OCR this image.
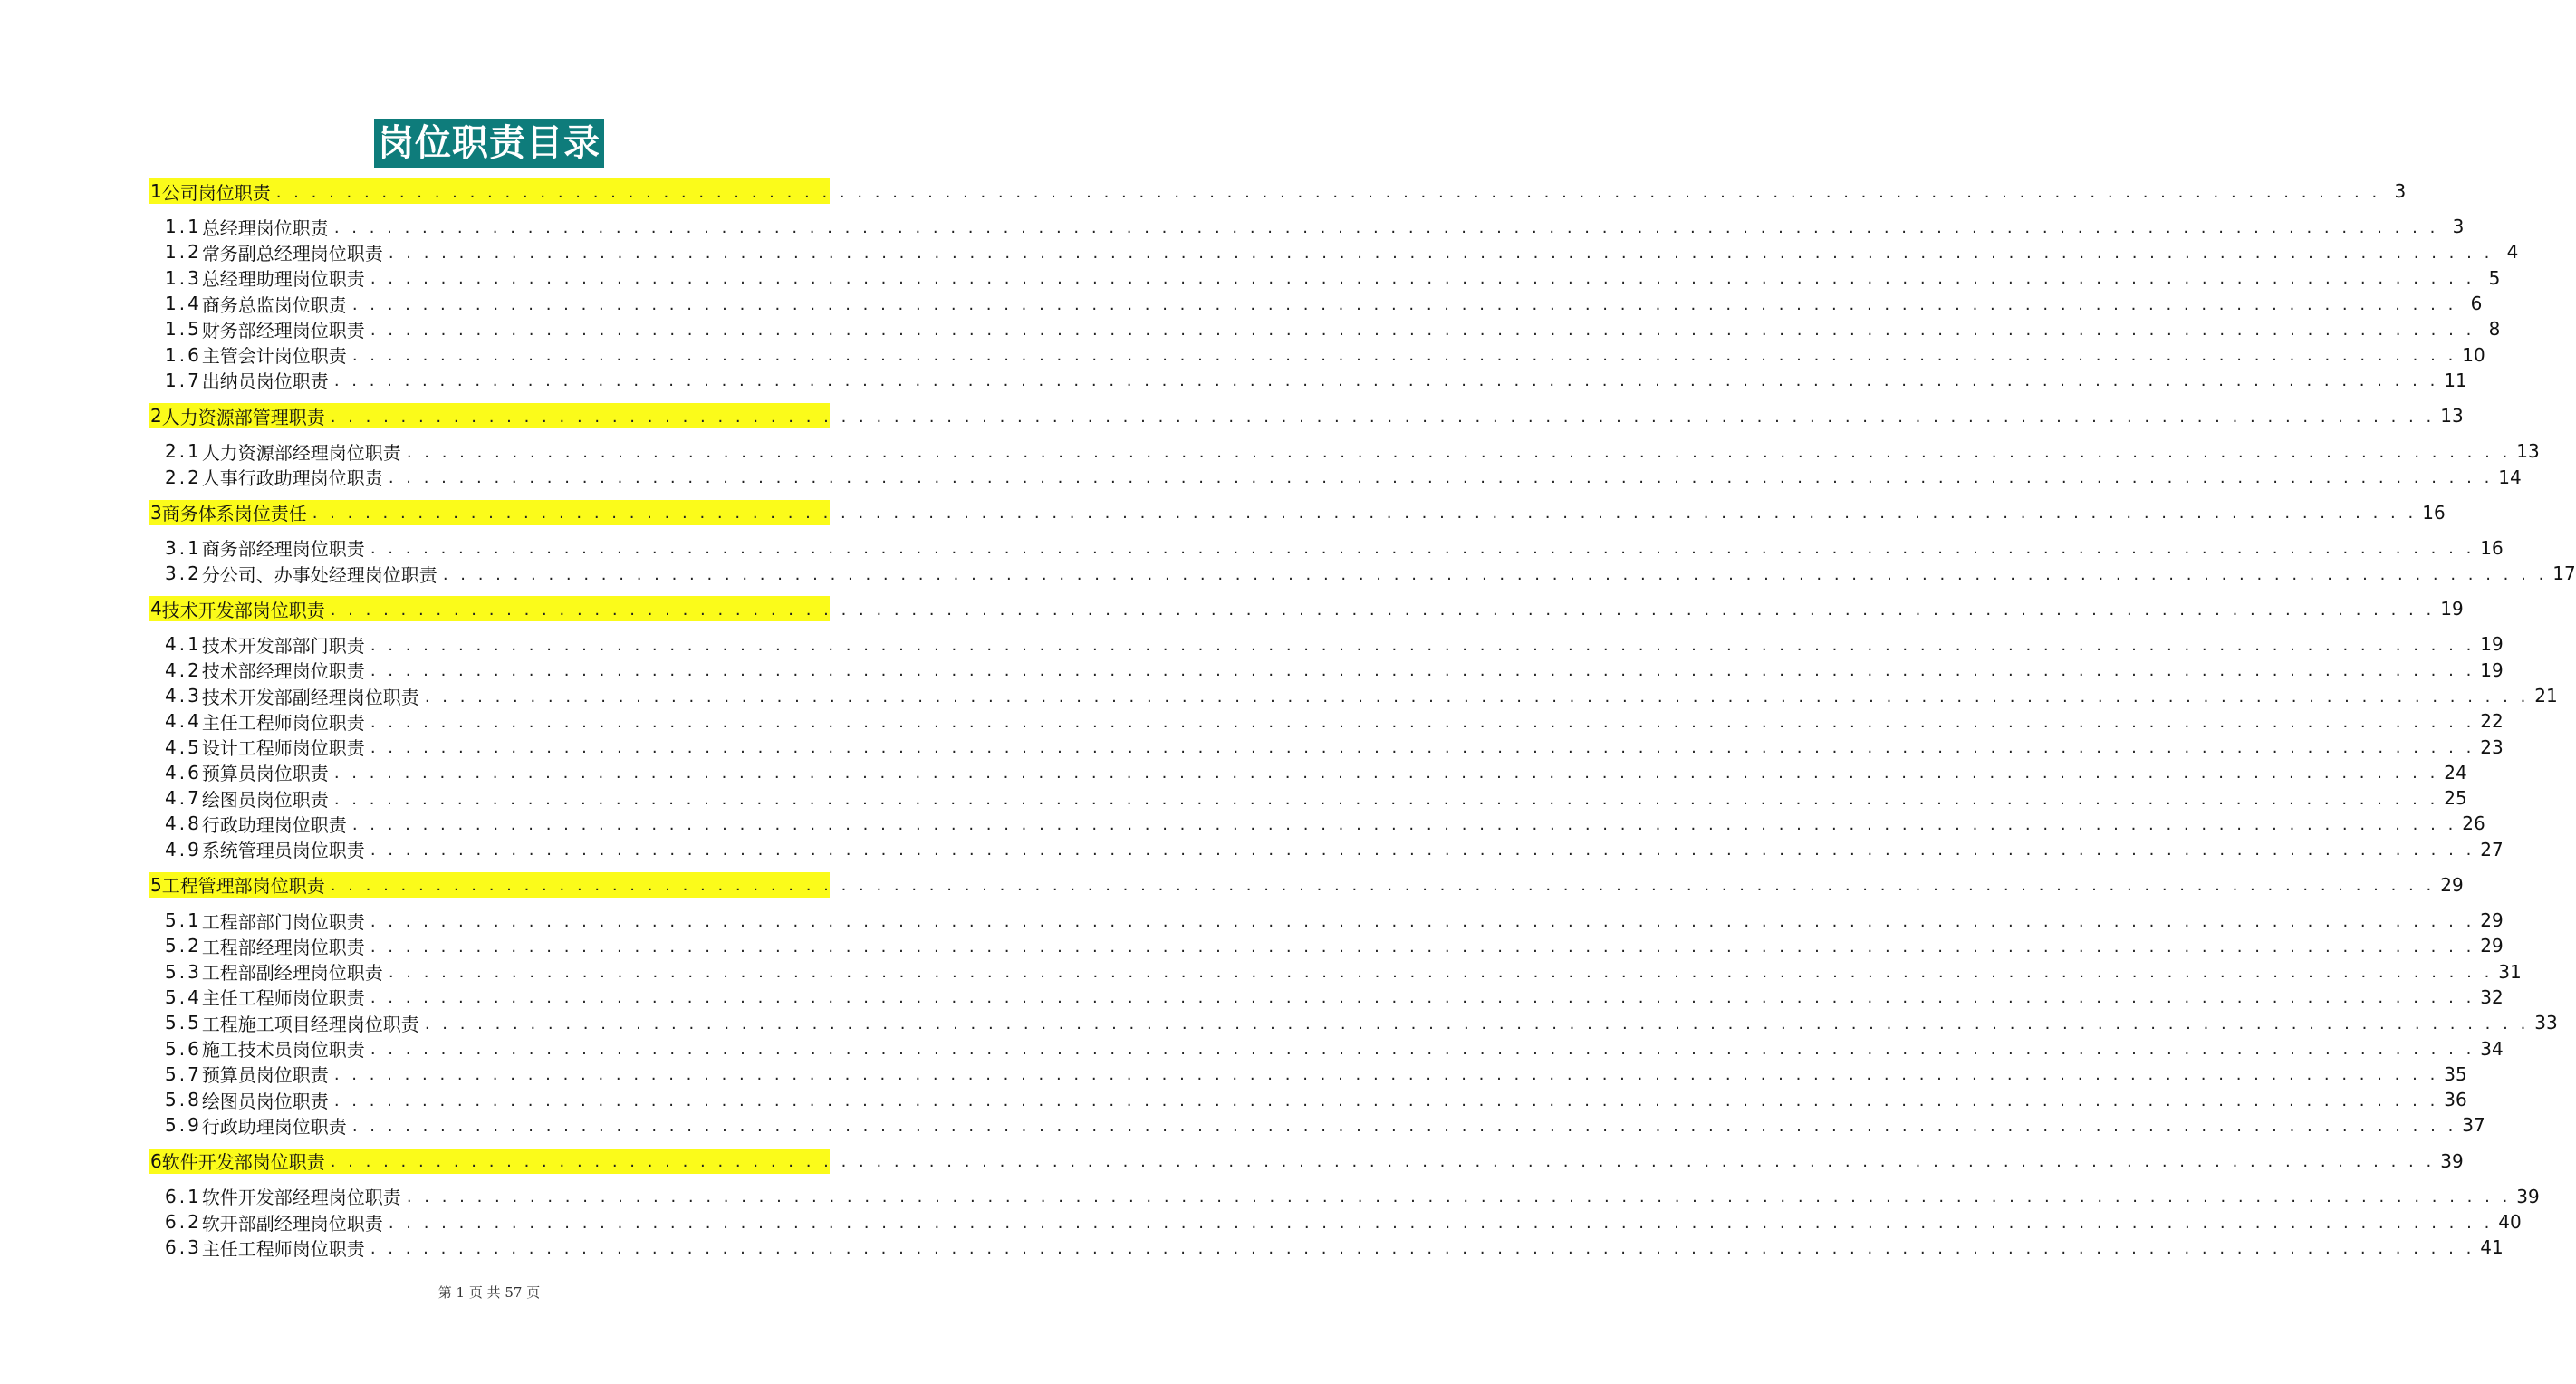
岗位职责目录
1 公司岗位职责 . . . . . . . . . . . . . . . . . . . . . . . . . . . . . . . . . . . . . . . . . . . . . . . . . . . . . . . . . . . . . . . . . . . . . . . . . . . . . . . . . . . . . . . . . . . . . . . . . . . . . . . . . . . . . . . . . . . . . . . . 3
1.1 总经理岗位职责 . . . . . . . . . . . . . . . . . . . . . . . . . . . . . . . . . . . . . . . . . . . . . . . . . . . . . . . . . . . . . . . . . . . . . . . . . . . . . . . . . . . . . . . . . . . . . . . . . . . . . . . . . . . . . . . . . . . . . . . . 3
1.2 常务副总经理岗位职责 . . . . . . . . . . . . . . . . . . . . . . . . . . . . . . . . . . . . . . . . . . . . . . . . . . . . . . . . . . . . . . . . . . . . . . . . . . . . . . . . . . . . . . . . . . . . . . . . . . . . . . . . . . . . . . . . . . . . . . . . 4
1.3 总经理助理岗位职责 . . . . . . . . . . . . . . . . . . . . . . . . . . . . . . . . . . . . . . . . . . . . . . . . . . . . . . . . . . . . . . . . . . . . . . . . . . . . . . . . . . . . . . . . . . . . . . . . . . . . . . . . . . . . . . . . . . . . . . . . 5
1.4 商务总监岗位职责 . . . . . . . . . . . . . . . . . . . . . . . . . . . . . . . . . . . . . . . . . . . . . . . . . . . . . . . . . . . . . . . . . . . . . . . . . . . . . . . . . . . . . . . . . . . . . . . . . . . . . . . . . . . . . . . . . . . . . . . . 6
1.5 财务部经理岗位职责 . . . . . . . . . . . . . . . . . . . . . . . . . . . . . . . . . . . . . . . . . . . . . . . . . . . . . . . . . . . . . . . . . . . . . . . . . . . . . . . . . . . . . . . . . . . . . . . . . . . . . . . . . . . . . . . . . . . . . . . . 8
1.6 主管会计岗位职责 . . . . . . . . . . . . . . . . . . . . . . . . . . . . . . . . . . . . . . . . . . . . . . . . . . . . . . . . . . . . . . . . . . . . . . . . . . . . . . . . . . . . . . . . . . . . . . . . . . . . . . . . . . . . . . . . . . . . . . . . 10
1.7 出纳员岗位职责 . . . . . . . . . . . . . . . . . . . . . . . . . . . . . . . . . . . . . . . . . . . . . . . . . . . . . . . . . . . . . . . . . . . . . . . . . . . . . . . . . . . . . . . . . . . . . . . . . . . . . . . . . . . . . . . . . . . . . . . . 11
2 人力资源部管理职责 . . . . . . . . . . . . . . . . . . . . . . . . . . . . . . . . . . . . . . . . . . . . . . . . . . . . . . . . . . . . . . . . . . . . . . . . . . . . . . . . . . . . . . . . . . . . . . . . . . . . . . . . . . . . . . . . . . . . . . . . 13
2.1 人力资源部经理岗位职责 . . . . . . . . . . . . . . . . . . . . . . . . . . . . . . . . . . . . . . . . . . . . . . . . . . . . . . . . . . . . . . . . . . . . . . . . . . . . . . . . . . . . . . . . . . . . . . . . . . . . . . . . . . . . . . . . . . . . . . . . 13
2.2 人事行政助理岗位职责 . . . . . . . . . . . . . . . . . . . . . . . . . . . . . . . . . . . . . . . . . . . . . . . . . . . . . . . . . . . . . . . . . . . . . . . . . . . . . . . . . . . . . . . . . . . . . . . . . . . . . . . . . . . . . . . . . . . . . . . . 14
3 商务体系岗位责任 . . . . . . . . . . . . . . . . . . . . . . . . . . . . . . . . . . . . . . . . . . . . . . . . . . . . . . . . . . . . . . . . . . . . . . . . . . . . . . . . . . . . . . . . . . . . . . . . . . . . . . . . . . . . . . . . . . . . . . . . 16
3.1 商务部经理岗位职责 . . . . . . . . . . . . . . . . . . . . . . . . . . . . . . . . . . . . . . . . . . . . . . . . . . . . . . . . . . . . . . . . . . . . . . . . . . . . . . . . . . . . . . . . . . . . . . . . . . . . . . . . . . . . . . . . . . . . . . . . 16
3.2 分公司、办事处经理岗位职责 . . . . . . . . . . . . . . . . . . . . . . . . . . . . . . . . . . . . . . . . . . . . . . . . . . . . . . . . . . . . . . . . . . . . . . . . . . . . . . . . . . . . . . . . . . . . . . . . . . . . . . . . . . . . . . . . . . . . . . . . 17
4 技术开发部岗位职责 . . . . . . . . . . . . . . . . . . . . . . . . . . . . . . . . . . . . . . . . . . . . . . . . . . . . . . . . . . . . . . . . . . . . . . . . . . . . . . . . . . . . . . . . . . . . . . . . . . . . . . . . . . . . . . . . . . . . . . . . 19
4.1 技术开发部部门职责 . . . . . . . . . . . . . . . . . . . . . . . . . . . . . . . . . . . . . . . . . . . . . . . . . . . . . . . . . . . . . . . . . . . . . . . . . . . . . . . . . . . . . . . . . . . . . . . . . . . . . . . . . . . . . . . . . . . . . . . . 19
4.2 技术部经理岗位职责 . . . . . . . . . . . . . . . . . . . . . . . . . . . . . . . . . . . . . . . . . . . . . . . . . . . . . . . . . . . . . . . . . . . . . . . . . . . . . . . . . . . . . . . . . . . . . . . . . . . . . . . . . . . . . . . . . . . . . . . . 19
4.3 技术开发部副经理岗位职责 . . . . . . . . . . . . . . . . . . . . . . . . . . . . . . . . . . . . . . . . . . . . . . . . . . . . . . . . . . . . . . . . . . . . . . . . . . . . . . . . . . . . . . . . . . . . . . . . . . . . . . . . . . . . . . . . . . . . . . . . 21
4.4 主任工程师岗位职责 . . . . . . . . . . . . . . . . . . . . . . . . . . . . . . . . . . . . . . . . . . . . . . . . . . . . . . . . . . . . . . . . . . . . . . . . . . . . . . . . . . . . . . . . . . . . . . . . . . . . . . . . . . . . . . . . . . . . . . . . 22
4.5 设计工程师岗位职责 . . . . . . . . . . . . . . . . . . . . . . . . . . . . . . . . . . . . . . . . . . . . . . . . . . . . . . . . . . . . . . . . . . . . . . . . . . . . . . . . . . . . . . . . . . . . . . . . . . . . . . . . . . . . . . . . . . . . . . . . 23
4.6 预算员岗位职责 . . . . . . . . . . . . . . . . . . . . . . . . . . . . . . . . . . . . . . . . . . . . . . . . . . . . . . . . . . . . . . . . . . . . . . . . . . . . . . . . . . . . . . . . . . . . . . . . . . . . . . . . . . . . . . . . . . . . . . . . 24
4.7 绘图员岗位职责 . . . . . . . . . . . . . . . . . . . . . . . . . . . . . . . . . . . . . . . . . . . . . . . . . . . . . . . . . . . . . . . . . . . . . . . . . . . . . . . . . . . . . . . . . . . . . . . . . . . . . . . . . . . . . . . . . . . . . . . . 25
4.8 行政助理岗位职责 . . . . . . . . . . . . . . . . . . . . . . . . . . . . . . . . . . . . . . . . . . . . . . . . . . . . . . . . . . . . . . . . . . . . . . . . . . . . . . . . . . . . . . . . . . . . . . . . . . . . . . . . . . . . . . . . . . . . . . . . 26
4.9 系统管理员岗位职责 . . . . . . . . . . . . . . . . . . . . . . . . . . . . . . . . . . . . . . . . . . . . . . . . . . . . . . . . . . . . . . . . . . . . . . . . . . . . . . . . . . . . . . . . . . . . . . . . . . . . . . . . . . . . . . . . . . . . . . . . 27
5 工程管理部岗位职责 . . . . . . . . . . . . . . . . . . . . . . . . . . . . . . . . . . . . . . . . . . . . . . . . . . . . . . . . . . . . . . . . . . . . . . . . . . . . . . . . . . . . . . . . . . . . . . . . . . . . . . . . . . . . . . . . . . . . . . . . 29
5.1 工程部部门岗位职责 . . . . . . . . . . . . . . . . . . . . . . . . . . . . . . . . . . . . . . . . . . . . . . . . . . . . . . . . . . . . . . . . . . . . . . . . . . . . . . . . . . . . . . . . . . . . . . . . . . . . . . . . . . . . . . . . . . . . . . . . 29
5.2 工程部经理岗位职责 . . . . . . . . . . . . . . . . . . . . . . . . . . . . . . . . . . . . . . . . . . . . . . . . . . . . . . . . . . . . . . . . . . . . . . . . . . . . . . . . . . . . . . . . . . . . . . . . . . . . . . . . . . . . . . . . . . . . . . . . 29
5.3 工程部副经理岗位职责 . . . . . . . . . . . . . . . . . . . . . . . . . . . . . . . . . . . . . . . . . . . . . . . . . . . . . . . . . . . . . . . . . . . . . . . . . . . . . . . . . . . . . . . . . . . . . . . . . . . . . . . . . . . . . . . . . . . . . . . . 31
5.4 主任工程师岗位职责 . . . . . . . . . . . . . . . . . . . . . . . . . . . . . . . . . . . . . . . . . . . . . . . . . . . . . . . . . . . . . . . . . . . . . . . . . . . . . . . . . . . . . . . . . . . . . . . . . . . . . . . . . . . . . . . . . . . . . . . . 32
5.5 工程施工项目经理岗位职责 . . . . . . . . . . . . . . . . . . . . . . . . . . . . . . . . . . . . . . . . . . . . . . . . . . . . . . . . . . . . . . . . . . . . . . . . . . . . . . . . . . . . . . . . . . . . . . . . . . . . . . . . . . . . . . . . . . . . . . . . 33
5.6 施工技术员岗位职责 . . . . . . . . . . . . . . . . . . . . . . . . . . . . . . . . . . . . . . . . . . . . . . . . . . . . . . . . . . . . . . . . . . . . . . . . . . . . . . . . . . . . . . . . . . . . . . . . . . . . . . . . . . . . . . . . . . . . . . . . 34
5.7 预算员岗位职责 . . . . . . . . . . . . . . . . . . . . . . . . . . . . . . . . . . . . . . . . . . . . . . . . . . . . . . . . . . . . . . . . . . . . . . . . . . . . . . . . . . . . . . . . . . . . . . . . . . . . . . . . . . . . . . . . . . . . . . . . 35
5.8 绘图员岗位职责 . . . . . . . . . . . . . . . . . . . . . . . . . . . . . . . . . . . . . . . . . . . . . . . . . . . . . . . . . . . . . . . . . . . . . . . . . . . . . . . . . . . . . . . . . . . . . . . . . . . . . . . . . . . . . . . . . . . . . . . . 36
5.9 行政助理岗位职责 . . . . . . . . . . . . . . . . . . . . . . . . . . . . . . . . . . . . . . . . . . . . . . . . . . . . . . . . . . . . . . . . . . . . . . . . . . . . . . . . . . . . . . . . . . . . . . . . . . . . . . . . . . . . . . . . . . . . . . . . 37
6 软件开发部岗位职责 . . . . . . . . . . . . . . . . . . . . . . . . . . . . . . . . . . . . . . . . . . . . . . . . . . . . . . . . . . . . . . . . . . . . . . . . . . . . . . . . . . . . . . . . . . . . . . . . . . . . . . . . . . . . . . . . . . . . . . . . 39
6.1 软件开发部经理岗位职责 . . . . . . . . . . . . . . . . . . . . . . . . . . . . . . . . . . . . . . . . . . . . . . . . . . . . . . . . . . . . . . . . . . . . . . . . . . . . . . . . . . . . . . . . . . . . . . . . . . . . . . . . . . . . . . . . . . . . . . . . 39
6.2 软开部副经理岗位职责 . . . . . . . . . . . . . . . . . . . . . . . . . . . . . . . . . . . . . . . . . . . . . . . . . . . . . . . . . . . . . . . . . . . . . . . . . . . . . . . . . . . . . . . . . . . . . . . . . . . . . . . . . . . . . . . . . . . . . . . . 40
6.3 主任工程师岗位职责 . . . . . . . . . . . . . . . . . . . . . . . . . . . . . . . . . . . . . . . . . . . . . . . . . . . . . . . . . . . . . . . . . . . . . . . . . . . . . . . . . . . . . . . . . . . . . . . . . . . . . . . . . . . . . . . . . . . . . . . . 41
第 1 页 共 57 页
